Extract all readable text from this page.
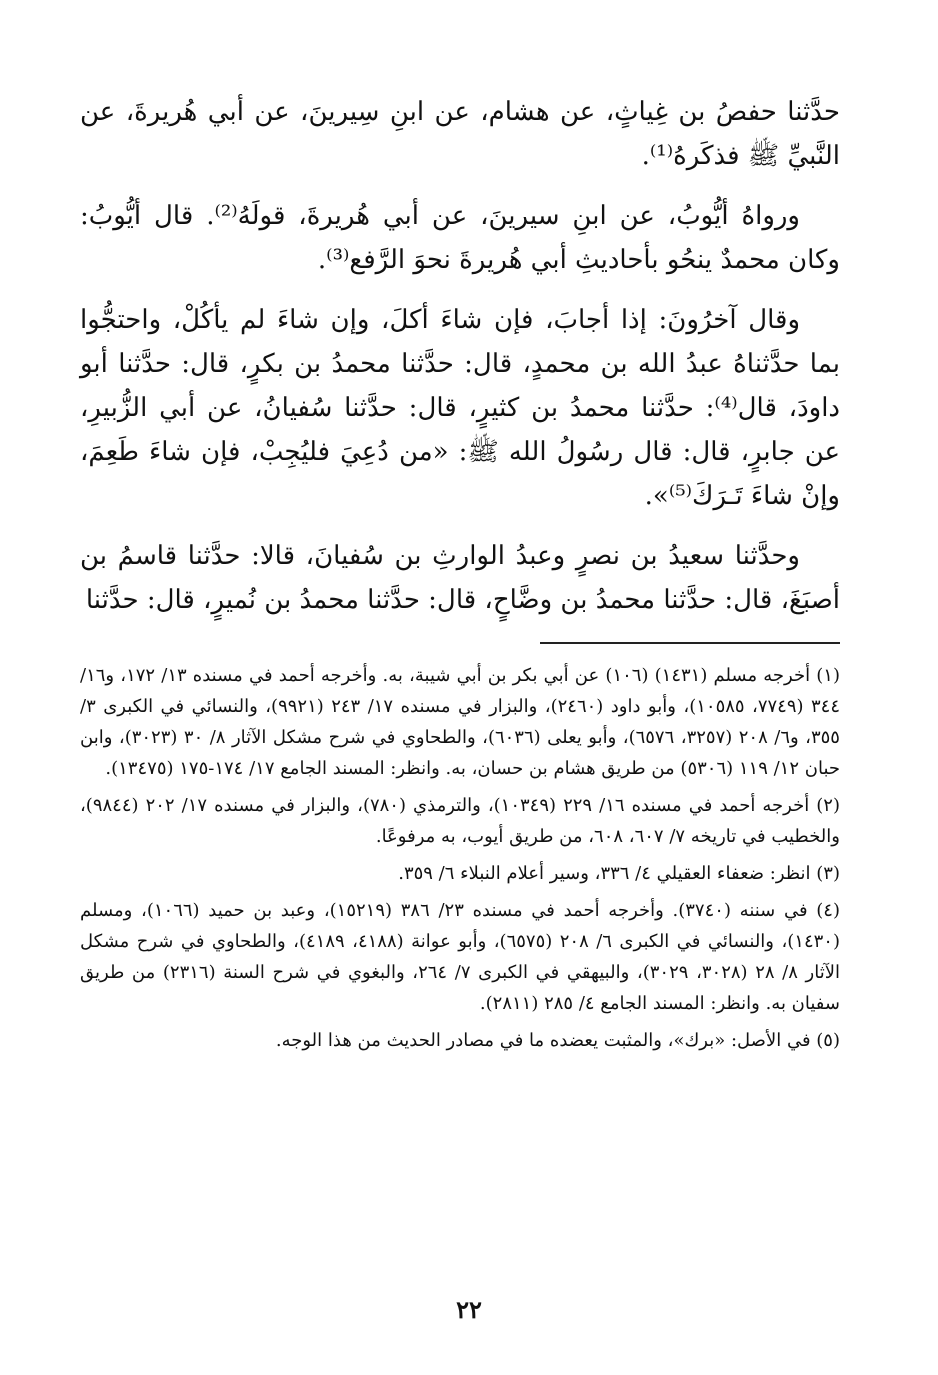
حدَّثنا حفصُ بن غِياثٍ، عن هشام، عن ابنِ سِيرينَ، عن أبي هُريرةَ، عن النَّبيِّ ﷺ فذكَرهُ⁽¹⁾.

ورواهُ أيُّوبُ، عن ابنِ سيرينَ، عن أبي هُريرةَ، قولَهُ⁽²⁾. قال أيُّوبُ: وكان محمدٌ ينحُو بأحاديثِ أبي هُريرةَ نحوَ الرَّفع⁽³⁾.

وقال آخرُونَ: إذا أجابَ، فإن شاءَ أكلَ، وإن شاءَ لم يأكُلْ، واحتجُّوا بما حدَّثناهُ عبدُ الله بن محمدٍ، قال: حدَّثنا محمدُ بن بكرٍ، قال: حدَّثنا أبو داودَ، قال⁽⁴⁾: حدَّثنا محمدُ بن كثيرٍ، قال: حدَّثنا سُفيانُ، عن أبي الزُّبيرِ، عن جابرٍ، قال: قال رسُولُ الله ﷺ: «من دُعِيَ فليُجِبْ، فإن شاءَ طَعِمَ، وإنْ شاءَ تَـرَكَ⁽⁵⁾».

وحدَّثنا سعيدُ بن نصرٍ وعبدُ الوارثِ بن سُفيانَ، قالا: حدَّثنا قاسمُ بن أصبَغَ، قال: حدَّثنا محمدُ بن وضَّاحٍ، قال: حدَّثنا محمدُ بن نُميرٍ، قال: حدَّثنا

(١) أخرجه مسلم (١٤٣١) (١٠٦) عن أبي بكر بن أبي شيبة، به. وأخرجه أحمد في مسنده ١٣/ ١٧٢، و١٦/ ٣٤٤ (٧٧٤٩، ١٠٥٨٥)، وأبو داود (٢٤٦٠)، والبزار في مسنده ١٧/ ٢٤٣ (٩٩٢١)، والنسائي في الكبرى ٣/ ٣٥٥، و٦/ ٢٠٨ (٣٢٥٧، ٦٥٧٦)، وأبو يعلى (٦٠٣٦)، والطحاوي في شرح مشكل الآثار ٨/ ٣٠ (٣٠٢٣)، وابن حبان ١٢/ ١١٩ (٥٣٠٦) من طريق هشام بن حسان، به. وانظر: المسند الجامع ١٧/ ١٧٤-١٧٥ (١٣٤٧٥).

(٢) أخرجه أحمد في مسنده ١٦/ ٢٢٩ (١٠٣٤٩)، والترمذي (٧٨٠)، والبزار في مسنده ١٧/ ٢٠٢ (٩٨٤٤)، والخطيب في تاريخه ٧/ ٦٠٧، ٦٠٨، من طريق أيوب، به مرفوعًا.

(٣) انظر: ضعفاء العقيلي ٤/ ٣٣٦، وسير أعلام النبلاء ٦/ ٣٥٩.

(٤) في سننه (٣٧٤٠). وأخرجه أحمد في مسنده ٢٣/ ٣٨٦ (١٥٢١٩)، وعبد بن حميد (١٠٦٦)، ومسلم (١٤٣٠)، والنسائي في الكبرى ٦/ ٢٠٨ (٦٥٧٥)، وأبو عوانة (٤١٨٨، ٤١٨٩)، والطحاوي في شرح مشكل الآثار ٨/ ٢٨ (٣٠٢٨، ٣٠٢٩)، والبيهقي في الكبرى ٧/ ٢٦٤، والبغوي في شرح السنة (٢٣١٦) من طريق سفيان به. وانظر: المسند الجامع ٤/ ٢٨٥ (٢٨١١).

(٥) في الأصل: «برك»، والمثبت يعضده ما في مصادر الحديث من هذا الوجه.

٢٢
